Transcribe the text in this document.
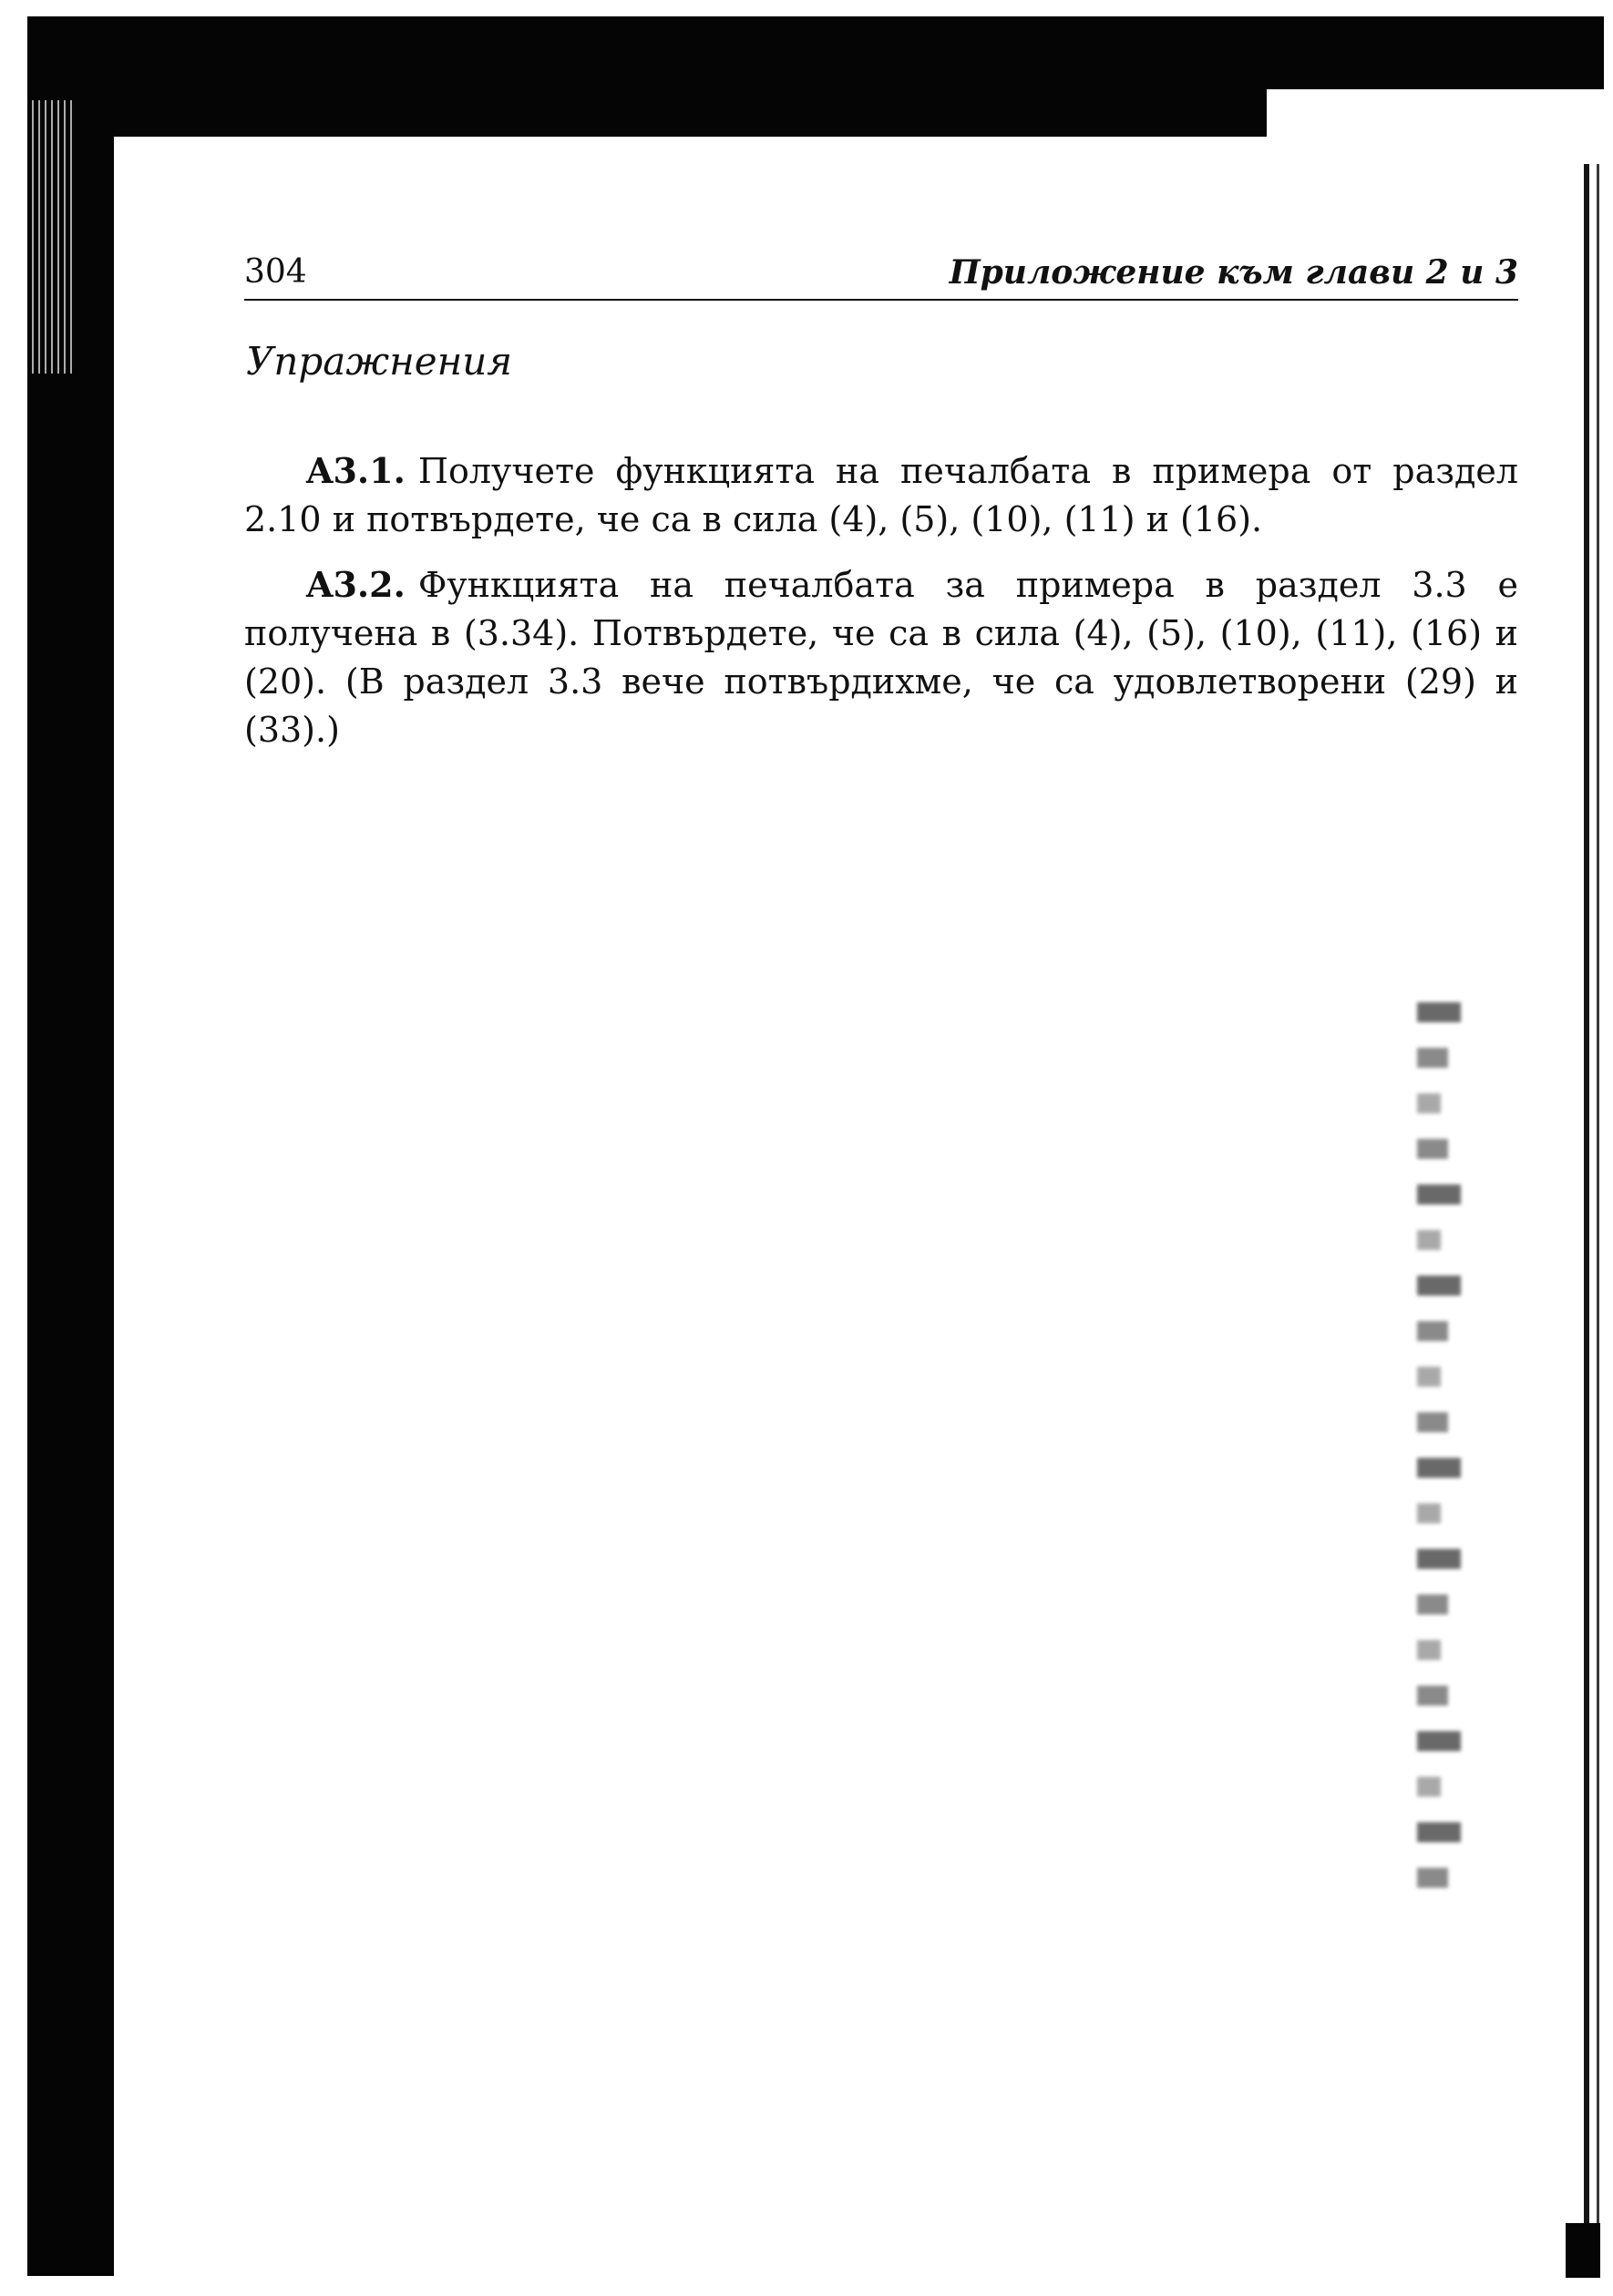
304	Приложение към глави 2 и 3
Упражнения

A3.1. Получете функцията на печалбата в примера от раздел 2.10 и потвърдете, че са в сила (4), (5), (10), (11) и (16).

A3.2. Функцията на печалбата за примера в раздел 3.3 е получена в (3.34). Потвърдете, че са в сила (4), (5), (10), (11), (16) и (20). (В раздел 3.3 вече потвърдихме, че са удовлетворени (29) и (33).)
